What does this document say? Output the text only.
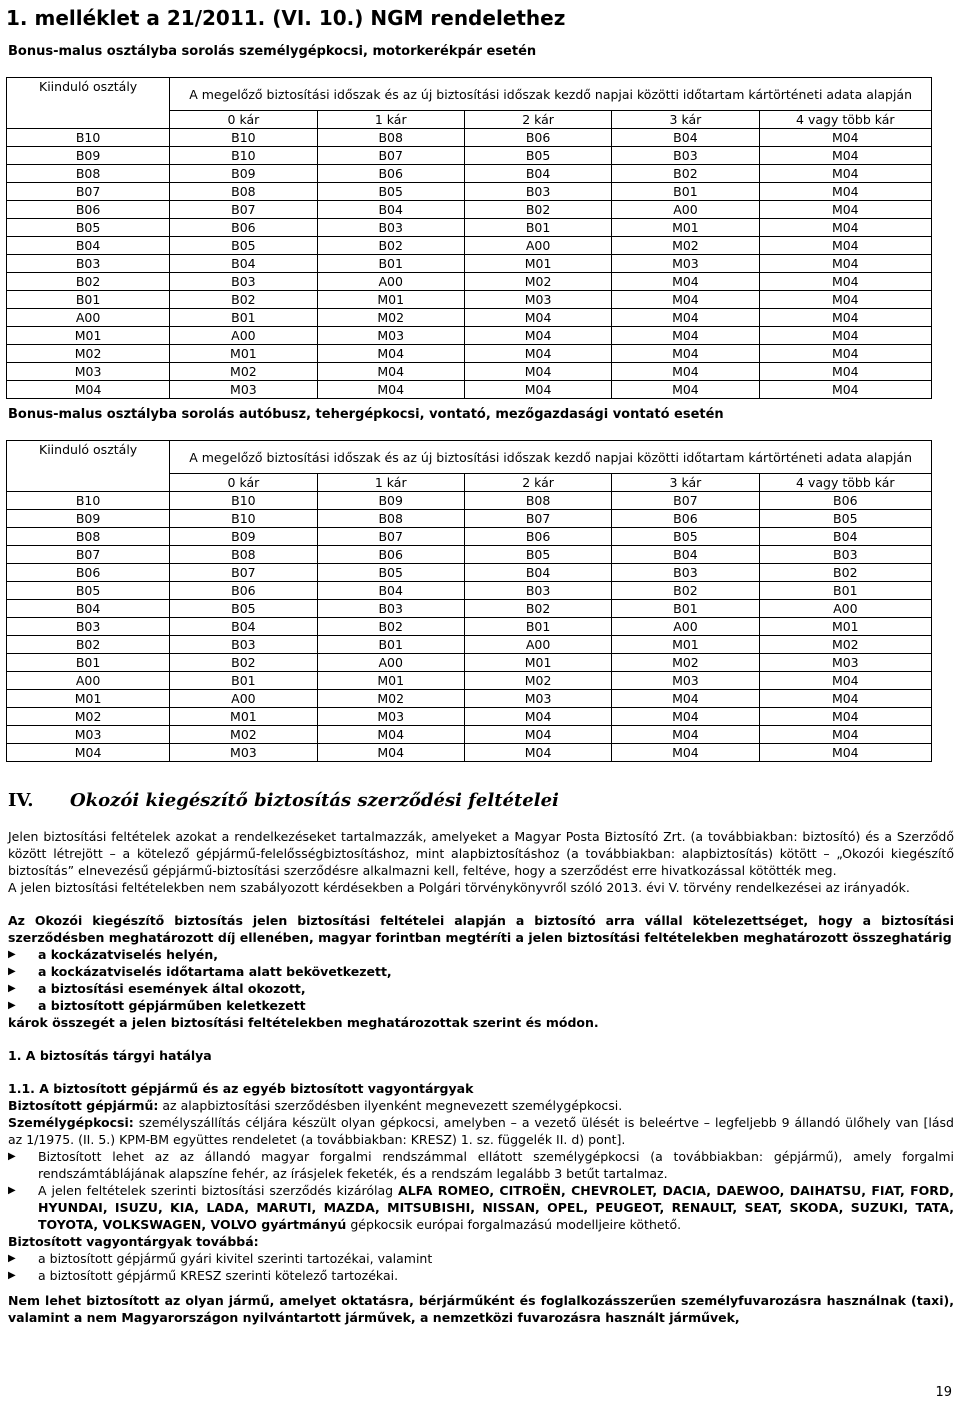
1. melléklet a 21/2011. (VI. 10.) NGM rendelethez
Bonus-malus osztályba sorolás személygépkocsi, motorkerékpár esetén
Kiinduló osztály	A megelőző biztosítási időszak és az új biztosítási időszak kezdő napjai közötti időtartam kártörténeti adata alapján				
	0 kár	1 kár	2 kár	3 kár	4 vagy több kár
B10	B10	B08	B06	B04	M04
B09	B10	B07	B05	B03	M04
B08	B09	B06	B04	B02	M04
B07	B08	B05	B03	B01	M04
B06	B07	B04	B02	A00	M04
B05	B06	B03	B01	M01	M04
B04	B05	B02	A00	M02	M04
B03	B04	B01	M01	M03	M04
B02	B03	A00	M02	M04	M04
B01	B02	M01	M03	M04	M04
A00	B01	M02	M04	M04	M04
M01	A00	M03	M04	M04	M04
M02	M01	M04	M04	M04	M04
M03	M02	M04	M04	M04	M04
M04	M03	M04	M04	M04	M04
Bonus-malus osztályba sorolás autóbusz, tehergépkocsi, vontató, mezőgazdasági vontató esetén
Kiinduló osztály	A megelőző biztosítási időszak és az új biztosítási időszak kezdő napjai közötti időtartam kártörténeti adata alapján				
	0 kár	1 kár	2 kár	3 kár	4 vagy több kár
B10	B10	B09	B08	B07	B06
B09	B10	B08	B07	B06	B05
B08	B09	B07	B06	B05	B04
B07	B08	B06	B05	B04	B03
B06	B07	B05	B04	B03	B02
B05	B06	B04	B03	B02	B01
B04	B05	B03	B02	B01	A00
B03	B04	B02	B01	A00	M01
B02	B03	B01	A00	M01	M02
B01	B02	A00	M01	M02	M03
A00	B01	M01	M02	M03	M04
M01	A00	M02	M03	M04	M04
M02	M01	M03	M04	M04	M04
M03	M02	M04	M04	M04	M04
M04	M03	M04	M04	M04	M04
IV. Okozói kiegészítő biztosítás szerződési feltételei

Jelen biztosítási feltételek azokat a rendelkezéseket tartalmazzák, amelyeket a Magyar Posta Biztosító Zrt. (a továbbiakban: biztosító) és a Szerződő között létrejött – a kötelező gépjármű-felelősségbiztosításhoz, mint alapbiztosításhoz (a továbbiakban: alapbiztosítás) kötött – „Okozói kiegészítő biztosítás” elnevezésű gépjármű-biztosítási szerződésre alkalmazni kell, feltéve, hogy a szerződést erre hivatkozással kötötték meg.

A jelen biztosítási feltételekben nem szabályozott kérdésekben a Polgári törvénykönyvről szóló 2013. évi V. törvény rendelkezései az irányadók.

Az Okozói kiegészítő biztosítás jelen biztosítási feltételei alapján a biztosító arra vállal kötelezettséget, hogy a biztosítási szerződésben meghatározott díj ellenében, magyar forintban megtéríti a jelen biztosítási feltételekben meghatározott összeghatárig

▶	a kockázatviselés helyén,
▶	a kockázatviselés időtartama alatt bekövetkezett,
▶	a biztosítási események által okozott,
▶	a biztosított gépjárműben keletkezett

károk összegét a jelen biztosítási feltételekben meghatározottak szerint és módon.

1. A biztosítás tárgyi hatálya

1.1. A biztosított gépjármű és az egyéb biztosított vagyontárgyak

Biztosított gépjármű: az alapbiztosítási szerződésben ilyenként megnevezett személygépkocsi.

Személygépkocsi: személyszállítás céljára készült olyan gépkocsi, amelyben – a vezető ülését is beleértve – legfeljebb 9 állandó ülőhely van [lásd az 1/1975. (II. 5.) KPM-BM együttes rendeletet (a továbbiakban: KRESZ) 1. sz. függelék II. d) pont].

▶	Biztosított lehet az az állandó magyar forgalmi rendszámmal ellátott személygépkocsi (a továbbiakban: gépjármű), amely forgalmi rendszámtáblájának alapszíne fehér, az írásjelek feketék, és a rendszám legalább 3 betűt tartalmaz.
▶	A jelen feltételek szerinti biztosítási szerződés kizárólag ALFA ROMEO, CITROËN, CHEVROLET, DACIA, DAEWOO, DAIHATSU, FIAT, FORD, HYUNDAI, ISUZU, KIA, LADA, MARUTI, MAZDA, MITSUBISHI, NISSAN, OPEL, PEUGEOT, RENAULT, SEAT, SKODA, SUZUKI, TATA, TOYOTA, VOLKSWAGEN, VOLVO gyártmányú gépkocsik európai forgalmazású modelljeire köthető.

Biztosított vagyontárgyak továbbá:

▶	a biztosított gépjármű gyári kivitel szerinti tartozékai, valamint
▶	a biztosított gépjármű KRESZ szerinti kötelező tartozékai.

Nem lehet biztosított az olyan jármű, amelyet oktatásra, bérjárműként és foglalkozásszerűen személyfuvarozásra használnak (taxi), valamint a nem Magyarországon nyilvántartott járművek, a nemzetközi fuvarozásra használt járművek,

19
